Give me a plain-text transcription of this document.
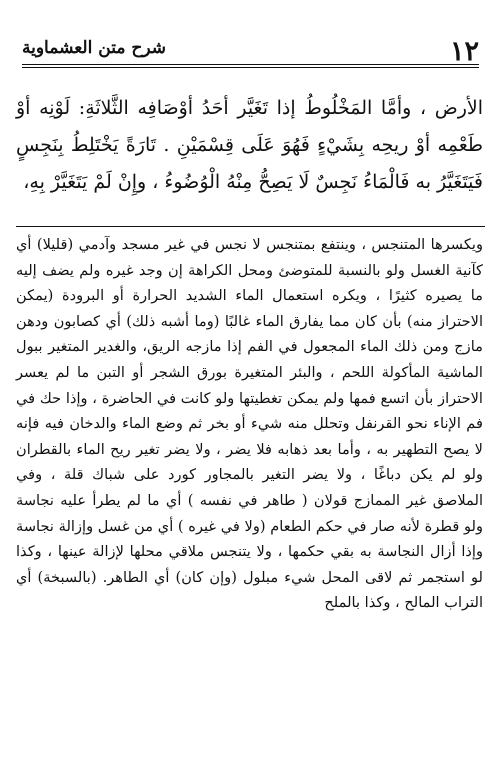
١٢
شرح متن العشماوية
الأرض ، وأمَّا المَخْلُوطُ إذا تَغَيَّر أحَدُ أوْصَافِه الثَّلاثَةِ: لَوْنِه أوْ طَعْمِه أوْ ريحِه بِشَيْءٍ فَهُوَ عَلَى قِسْمَيْنِ . تَارَةً يَخْتَلِطُ بِنَجِسٍ فَيَتَغَيَّرُ به فَالْمَاءُ نَجِسٌ لَا يَصِحُّ مِنْهُ الْوُضُوءُ ، وإِنْ لَمْ يَتَغَيَّرْ بِهِ،

ويكسرها المتنجس ، وينتفع بمتنجس لا نجس في غير مسجد وآدمي (قليلا) أي كآنية الغسل ولو بالنسبة للمتوضئ ومحل الكراهة إن وجد غيره ولم يضف إليه ما يصيره كثيرًا ، ويكره استعمال الماء الشديد الحرارة أو البرودة (يمكن الاحتراز منه) بأن كان مما يفارق الماء غالبًا (وما أشبه ذلك) أي كصابون ودهن مازج ومن ذلك الماء المجعول في الفم إذا مازجه الريق، والغدير المتغير ببول الماشية المأكولة اللحم ، والبئر المتغيرة بورق الشجر أو التبن ما لم يعسر الاحتراز بأن اتسع فمها ولم يمكن تغطيتها ولو كانت في الحاضرة ، وإذا حك في فم الإناء نحو القرنفل وتحلل منه شيء أو بخر ثم وضع الماء والدخان فيه فإنه لا يصح التطهير به ، وأما بعد ذهابه فلا يضر ، ولا يضر تغير ريح الماء بالقطران ولو لم يكن دباغًا ، ولا يضر التغير بالمجاور كورد على شباك قلة ، وفي الملاصق غير الممازج قولان ( طاهر في نفسه ) أي ما لم يطرأ عليه نجاسة ولو قطرة لأنه صار في حكم الطعام (ولا في غيره ) أي من غسل وإزالة نجاسة وإذا أزال النجاسة به بقي حكمها ، ولا يتنجس ملاقي محلها لإزالة عينها ، وكذا لو استجمر ثم لاقى المحل شيء مبلول (وإن كان) أي الطاهر. (بالسبخة) أي التراب المالح ، وكذا بالملح
